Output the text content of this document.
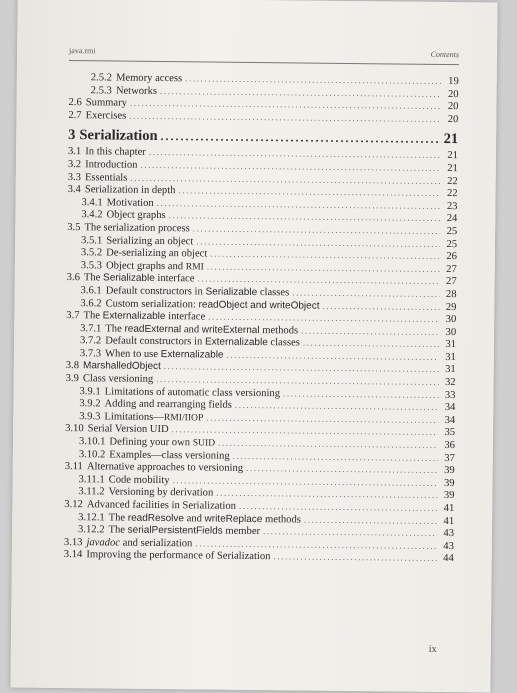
java.rmi	Contents
2.5.2 Memory access .....	19
2.5.3 Networks .....	20
2.6 Summary .....	20
2.7 Exercises .....	20
3 Serialization .....	21
3.1 In this chapter .....	21
3.2 Introduction .....	21
3.3 Essentials .....	22
3.4 Serialization in depth .....	22
3.4.1 Motivation .....	23
3.4.2 Object graphs .....	24
3.5 The serialization process .....	25
3.5.1 Serializing an object .....	25
3.5.2 De-serializing an object .....	26
3.5.3 Object graphs and RMI .....	27
3.6 The Serializable interface .....	27
3.6.1 Default constructors in Serializable classes .....	28
3.6.2 Custom serialization: readObject and writeObject .....	29
3.7 The Externalizable interface .....	30
3.7.1 The readExternal and writeExternal methods .....	30
3.7.2 Default constructors in Externalizable classes .....	31
3.7.3 When to use Externalizable .....	31
3.8 MarshalledObject .....	31
3.9 Class versioning .....	32
3.9.1 Limitations of automatic class versioning .....	33
3.9.2 Adding and rearranging fields .....	34
3.9.3 Limitations—RMI/IIOP .....	34
3.10 Serial Version UID .....	35
3.10.1 Defining your own SUID .....	36
3.10.2 Examples—class versioning .....	37
3.11 Alternative approaches to versioning .....	39
3.11.1 Code mobility .....	39
3.11.2 Versioning by derivation .....	39
3.12 Advanced facilities in Serialization .....	41
3.12.1 The readResolve and writeReplace methods .....	41
3.12.2 The serialPersistentFields member .....	43
3.13 javadoc and serialization .....	43
3.14 Improving the performance of Serialization .....	44
ix
